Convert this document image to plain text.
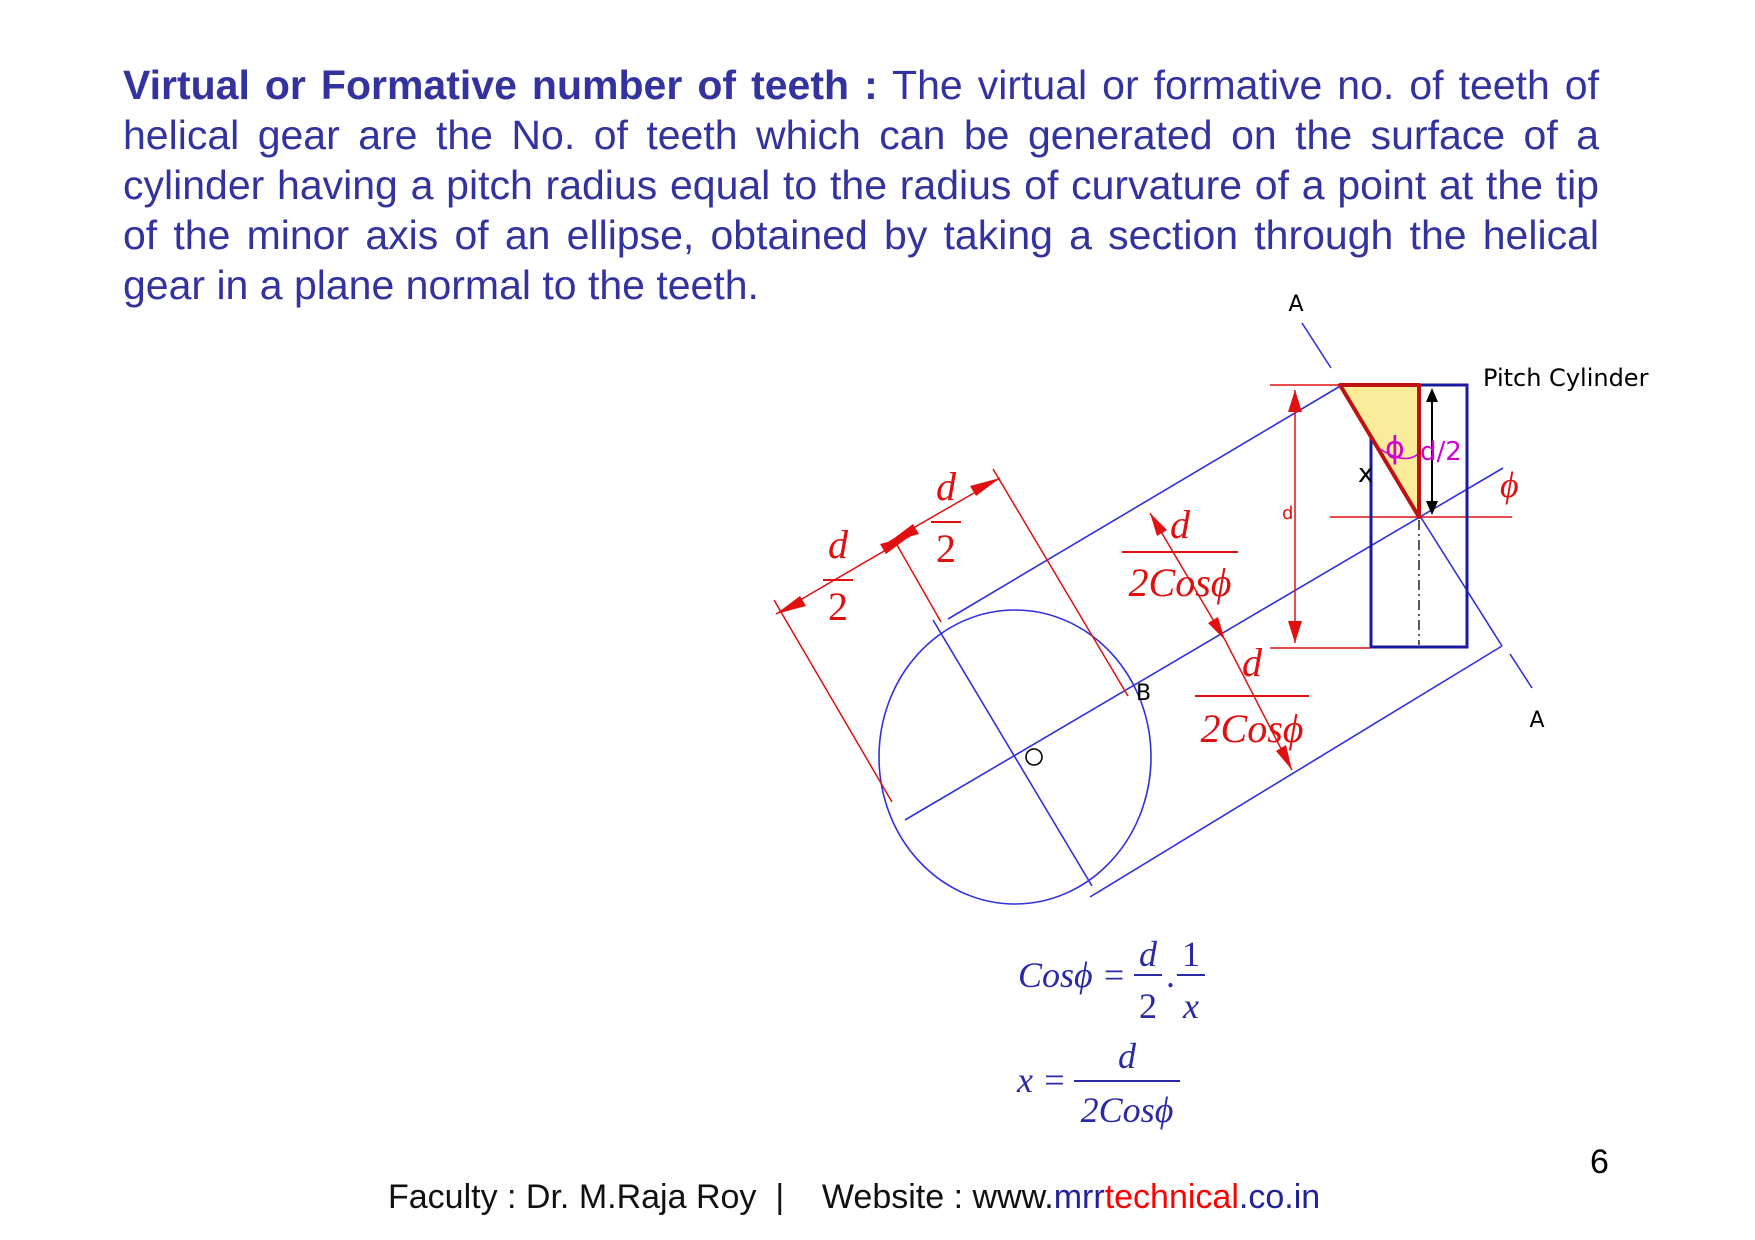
Virtual or Formative number of teeth : The virtual or formative no. of teeth of helical gear are the No. of teeth which can be generated on the surface of a cylinder having a pitch radius equal to the radius of curvature of a point at the tip of the minor axis of an ellipse, obtained by taking a section through the helical gear in a plane normal to the teeth.	A
A
B
Pitch Cylinder
d
x
ϕ d/2
ϕ
d
2
d
2
d
2Cosϕ
d
2Cosϕ
Cosϕ =
d
2
.
1
x
x =
d
2Cosϕ
6
Faculty : Dr. M.Raja Roy  |    Website : www.mrrtechnical.co.in
